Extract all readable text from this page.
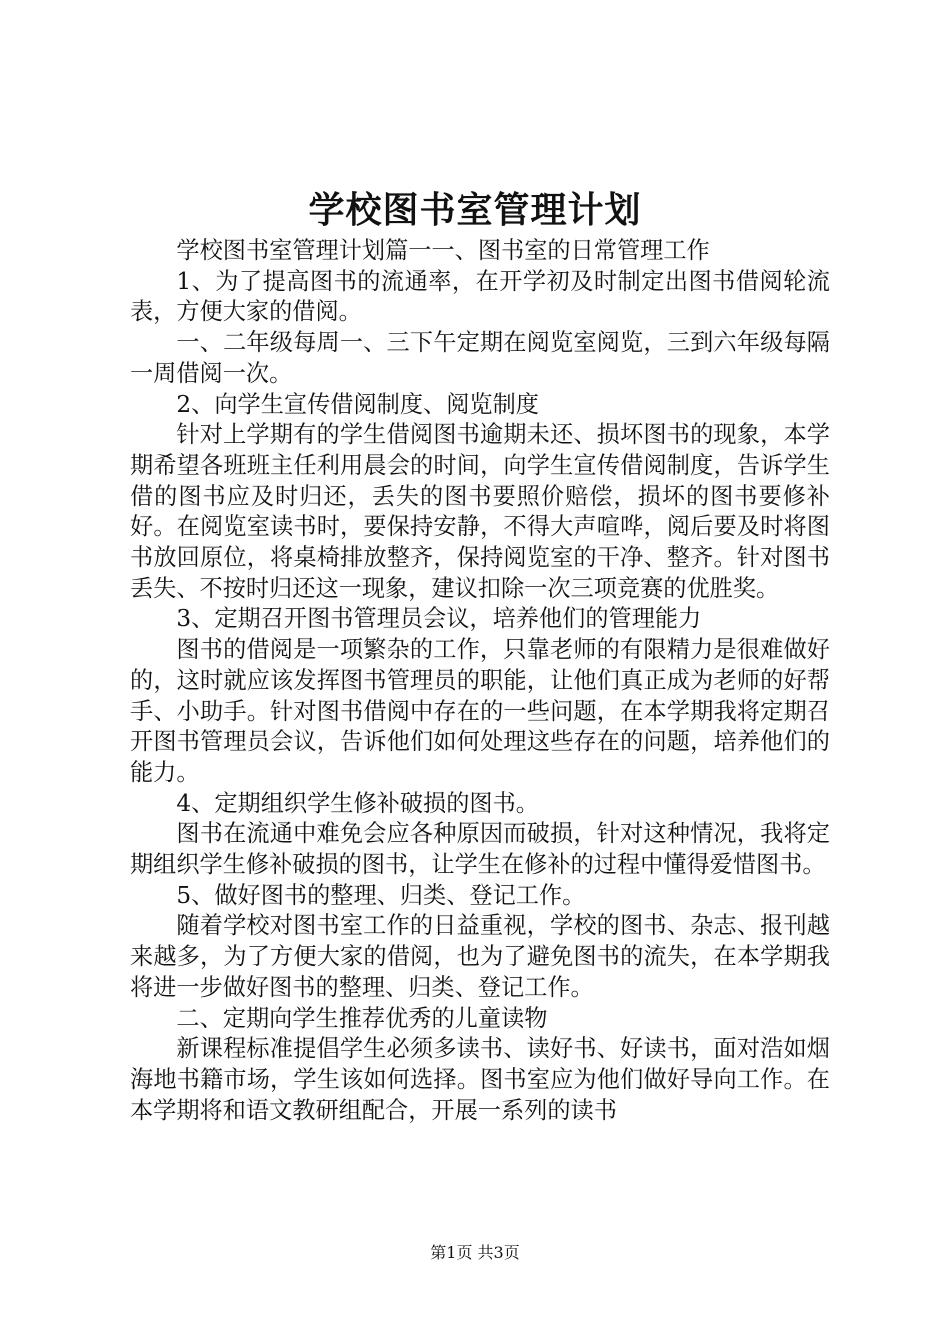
学校图书室管理计划

学校图书室管理计划篇一一、图书室的日常管理工作

1、为了提高图书的流通率，在开学初及时制定出图书借阅轮流表，方便大家的借阅。

一、二年级每周一、三下午定期在阅览室阅览，三到六年级每隔一周借阅一次。

2、向学生宣传借阅制度、阅览制度

针对上学期有的学生借阅图书逾期未还、损坏图书的现象，本学期希望各班班主任利用晨会的时间，向学生宣传借阅制度，告诉学生借的图书应及时归还，丢失的图书要照价赔偿，损坏的图书要修补好。在阅览室读书时，要保持安静，不得大声喧哗，阅后要及时将图书放回原位，将桌椅排放整齐，保持阅览室的干净、整齐。针对图书丢失、不按时归还这一现象，建议扣除一次三项竞赛的优胜奖。

3、定期召开图书管理员会议，培养他们的管理能力

图书的借阅是一项繁杂的工作，只靠老师的有限精力是很难做好的，这时就应该发挥图书管理员的职能，让他们真正成为老师的好帮手、小助手。针对图书借阅中存在的一些问题，在本学期我将定期召开图书管理员会议，告诉他们如何处理这些存在的问题，培养他们的能力。

4、定期组织学生修补破损的图书。

图书在流通中难免会应各种原因而破损，针对这种情况，我将定期组织学生修补破损的图书，让学生在修补的过程中懂得爱惜图书。

5、做好图书的整理、归类、登记工作。

随着学校对图书室工作的日益重视，学校的图书、杂志、报刊越来越多，为了方便大家的借阅，也为了避免图书的流失，在本学期我将进一步做好图书的整理、归类、登记工作。

二、定期向学生推荐优秀的儿童读物

新课程标准提倡学生必须多读书、读好书、好读书，面对浩如烟海地书籍市场，学生该如何选择。图书室应为他们做好导向工作。在本学期将和语文教研组配合，开展一系列的读书

第1页 共3页
